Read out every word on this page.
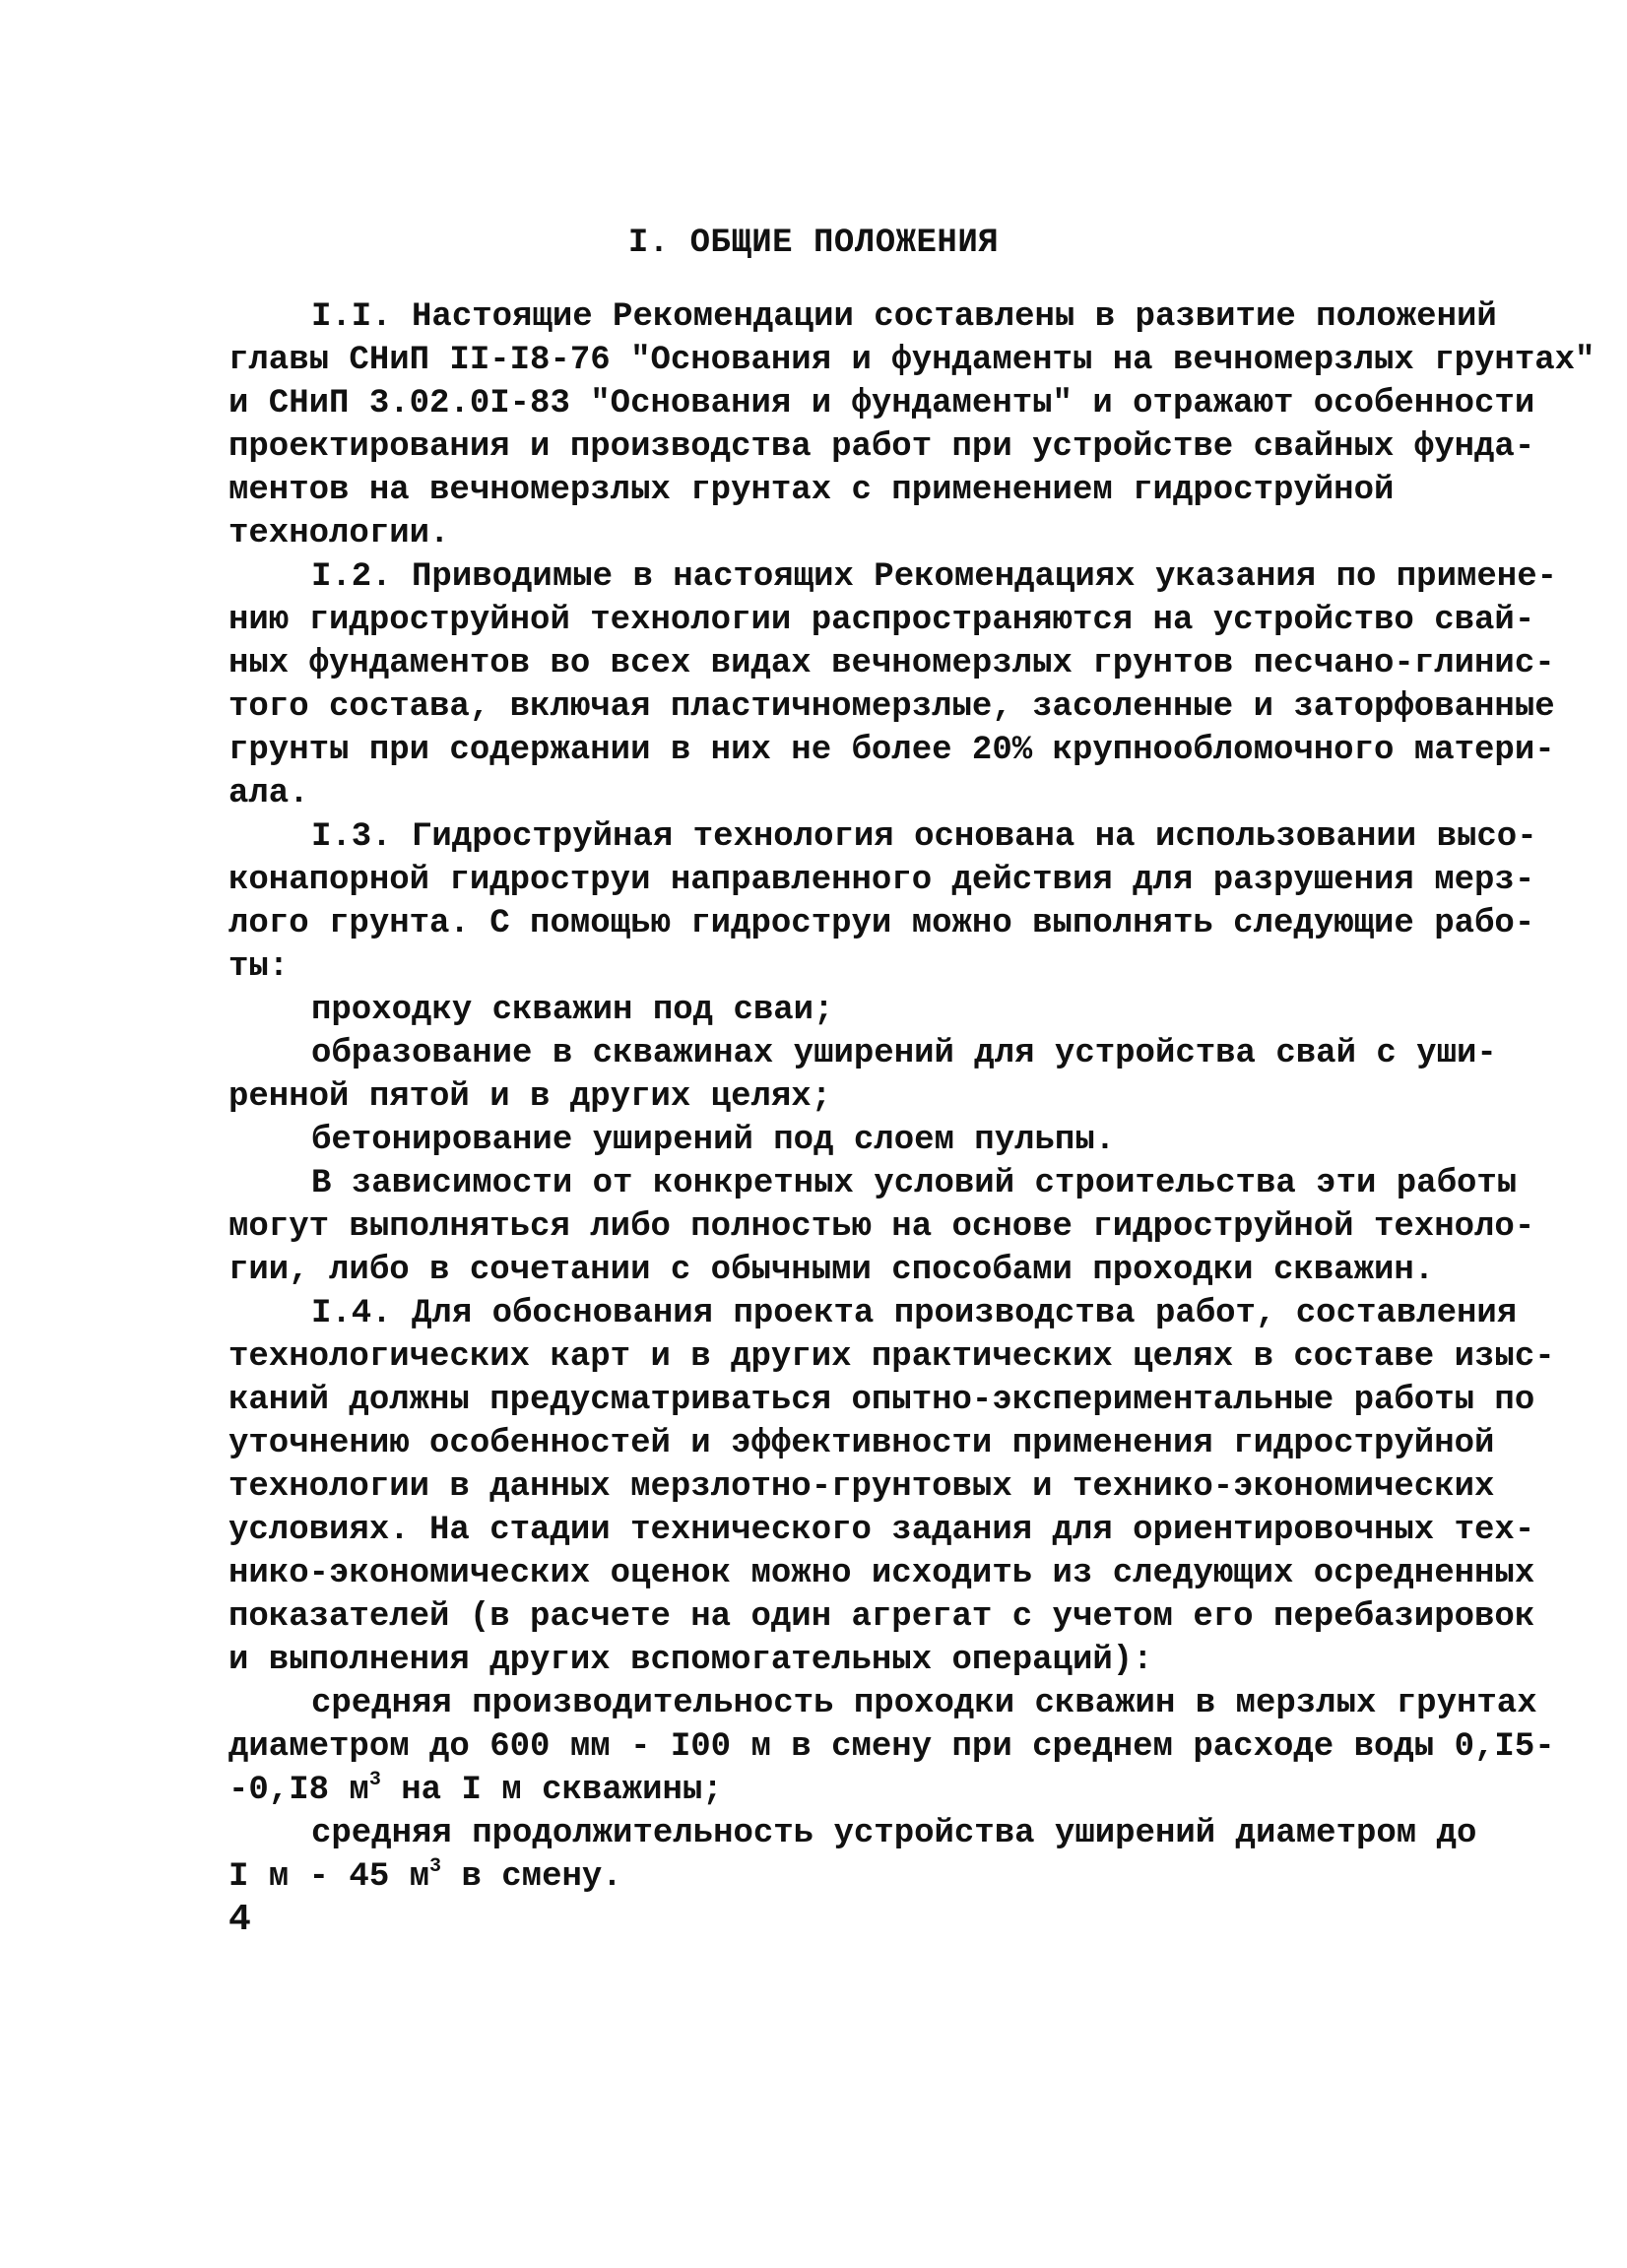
I. ОБЩИЕ ПОЛОЖЕНИЯ

I.I. Настоящие Рекомендации составлены в развитие положений

главы СНиП II-I8-76 "Основания и фундаменты на вечномерзлых грунтах"

и СНиП 3.02.0I-83 "Основания и фундаменты" и отражают особенности

проектирования и производства работ при устройстве свайных фунда-

ментов на вечномерзлых грунтах с применением гидроструйной

технологии.

I.2. Приводимые в настоящих Рекомендациях указания по примене-

нию гидроструйной технологии распространяются на устройство свай-

ных фундаментов во всех видах вечномерзлых грунтов песчано-глинис-

того состава, включая пластичномерзлые, засоленные и заторфованные

грунты при содержании в них не более 20% крупнообломочного матери-

ала.

I.3. Гидроструйная технология основана на использовании высо-

конапорной гидроструи направленного действия для разрушения мерз-

лого грунта. С помощью гидроструи можно выполнять следующие рабо-

ты:

проходку скважин под сваи;

образование в скважинах уширений для устройства свай с уши-

ренной пятой и в других целях;

бетонирование уширений под слоем пульпы.

В зависимости от конкретных условий строительства эти работы

могут выполняться либо полностью на основе гидроструйной техноло-

гии, либо в сочетании с обычными способами проходки скважин.

I.4. Для обоснования проекта производства работ, составления

технологических карт и в других практических целях в составе изыс-

каний должны предусматриваться опытно-экспериментальные работы по

уточнению особенностей и эффективности применения гидроструйной

технологии в данных мерзлотно-грунтовых и технико-экономических

условиях. На стадии технического задания для ориентировочных тех-

нико-экономических оценок можно исходить из следующих осредненных

показателей (в расчете на один агрегат с учетом его перебазировок

и выполнения других вспомогательных операций):

средняя производительность проходки скважин в мерзлых грунтах

диаметром до 600 мм - I00 м в смену при среднем расходе воды 0,I5-

-0,I8 $м^3$ на I м скважины;

средняя продолжительность устройства уширений диаметром до

I м - 45 $м^3$ в смену.

4
